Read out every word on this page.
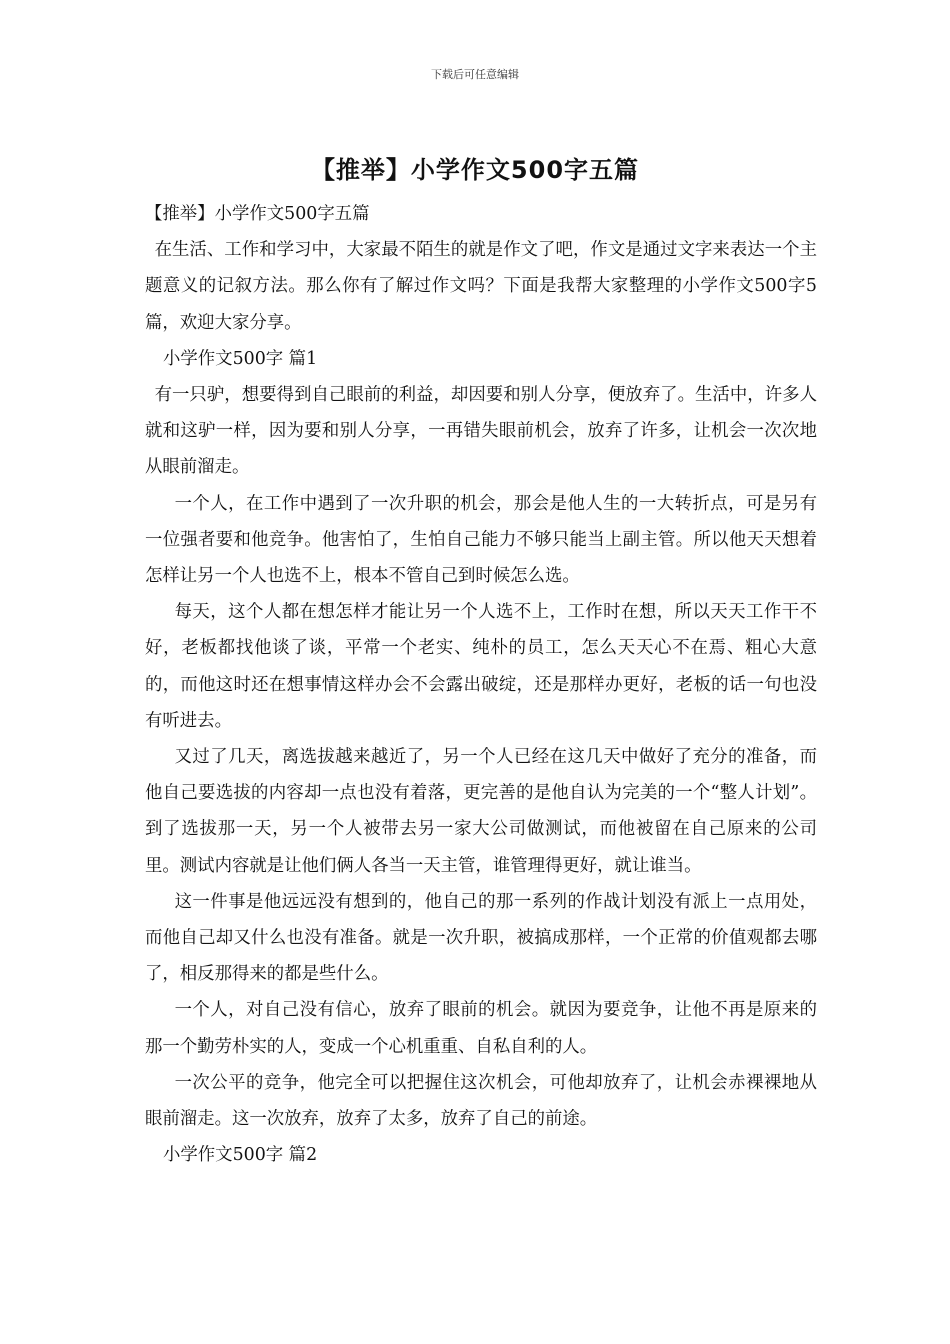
下载后可任意编辑
【推举】小学作文500字五篇

【推举】小学作文500字五篇

在生活、工作和学习中，大家最不陌生的就是作文了吧，作文是通过文字来表达一个主题意义的记叙方法。那么你有了解过作文吗？下面是我帮大家整理的小学作文500字5篇，欢迎大家分享。

小学作文500字 篇1

有一只驴，想要得到自己眼前的利益，却因要和别人分享，便放弃了。生活中，许多人就和这驴一样，因为要和别人分享，一再错失眼前机会，放弃了许多，让机会一次次地从眼前溜走。

一个人，在工作中遇到了一次升职的机会，那会是他人生的一大转折点，可是另有一位强者要和他竞争。他害怕了，生怕自己能力不够只能当上副主管。所以他天天想着怎样让另一个人也选不上，根本不管自己到时候怎么选。

每天，这个人都在想怎样才能让另一个人选不上，工作时在想，所以天天工作干不好，老板都找他谈了谈，平常一个老实、纯朴的员工，怎么天天心不在焉、粗心大意的，而他这时还在想事情这样办会不会露出破绽，还是那样办更好，老板的话一句也没有听进去。

又过了几天，离选拔越来越近了，另一个人已经在这几天中做好了充分的准备，而他自己要选拔的内容却一点也没有着落，更完善的是他自认为完美的一个“整人计划”。到了选拔那一天，另一个人被带去另一家大公司做测试，而他被留在自己原来的公司里。测试内容就是让他们俩人各当一天主管，谁管理得更好，就让谁当。

这一件事是他远远没有想到的，他自己的那一系列的作战计划没有派上一点用处，而他自己却又什么也没有准备。就是一次升职，被搞成那样，一个正常的价值观都去哪了，相反那得来的都是些什么。

一个人，对自己没有信心，放弃了眼前的机会。就因为要竞争，让他不再是原来的那一个勤劳朴实的人，变成一个心机重重、自私自利的人。

一次公平的竞争，他完全可以把握住这次机会，可他却放弃了，让机会赤裸裸地从眼前溜走。这一次放弃，放弃了太多，放弃了自己的前途。

小学作文500字 篇2
